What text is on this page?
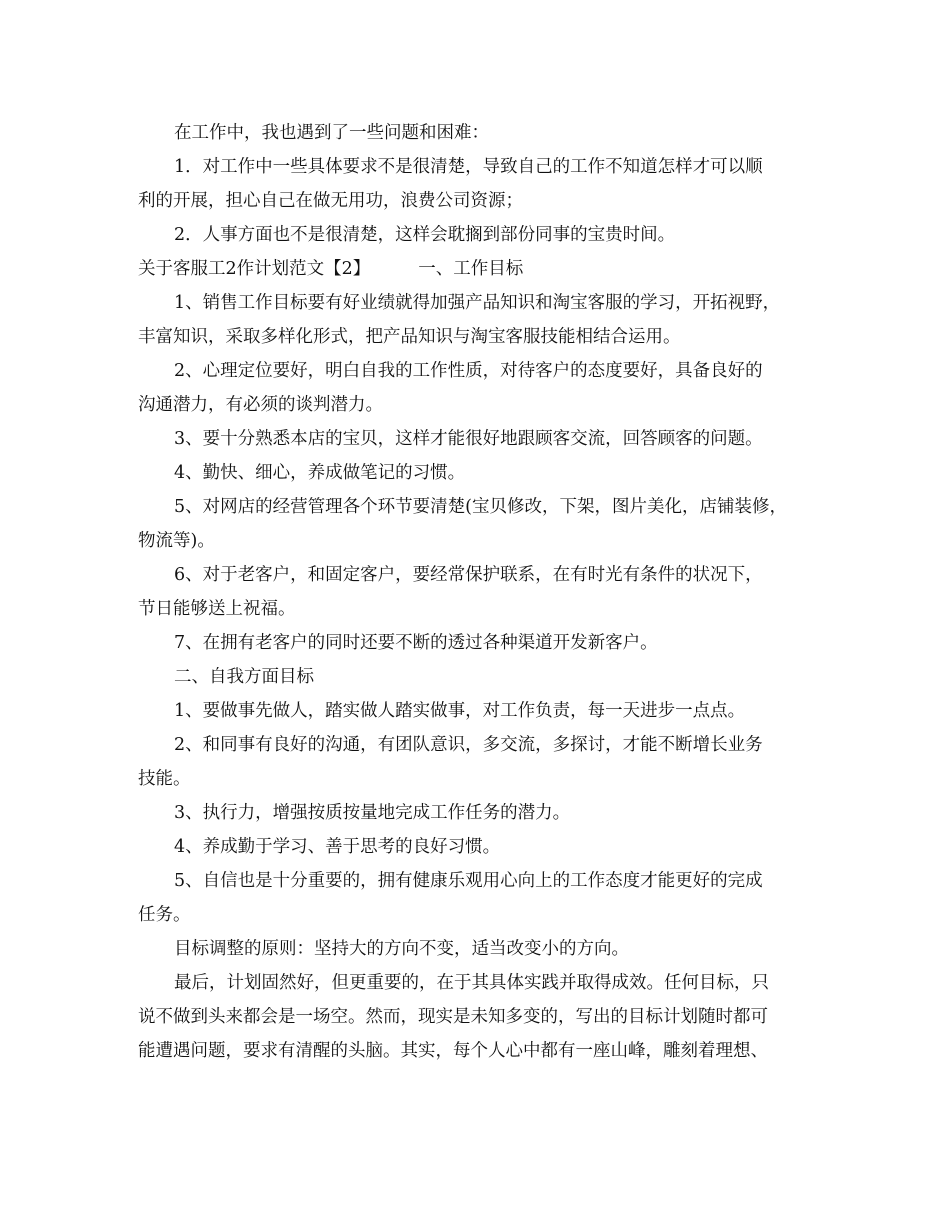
在工作中，我也遇到了一些问题和困难：
1．对工作中一些具体要求不是很清楚，导致自己的工作不知道怎样才可以顺
利的开展，担心自己在做无用功，浪费公司资源；
2．人事方面也不是很清楚，这样会耽搁到部份同事的宝贵时间。
关于客服工2作计划范文【2】	一、工作目标
1、销售工作目标要有好业绩就得加强产品知识和淘宝客服的学习，开拓视野，
丰富知识，采取多样化形式，把产品知识与淘宝客服技能相结合运用。
2、心理定位要好，明白自我的工作性质，对待客户的态度要好，具备良好的
沟通潜力，有必须的谈判潜力。
3、要十分熟悉本店的宝贝，这样才能很好地跟顾客交流，回答顾客的问题。
4、勤快、细心，养成做笔记的习惯。
5、对网店的经营管理各个环节要清楚(宝贝修改，下架，图片美化，店铺装修，
物流等)。
6、对于老客户，和固定客户，要经常保护联系，在有时光有条件的状况下，
节日能够送上祝福。
7、在拥有老客户的同时还要不断的透过各种渠道开发新客户。
二、自我方面目标
1、要做事先做人，踏实做人踏实做事，对工作负责，每一天进步一点点。
2、和同事有良好的沟通，有团队意识，多交流，多探讨，才能不断增长业务
技能。
3、执行力，增强按质按量地完成工作任务的潜力。
4、养成勤于学习、善于思考的良好习惯。
5、自信也是十分重要的，拥有健康乐观用心向上的工作态度才能更好的完成
任务。
目标调整的原则：坚持大的方向不变，适当改变小的方向。
最后，计划固然好，但更重要的，在于其具体实践并取得成效。任何目标，只
说不做到头来都会是一场空。然而，现实是未知多变的，写出的目标计划随时都可
能遭遇问题，要求有清醒的头脑。其实，每个人心中都有一座山峰，雕刻着理想、
